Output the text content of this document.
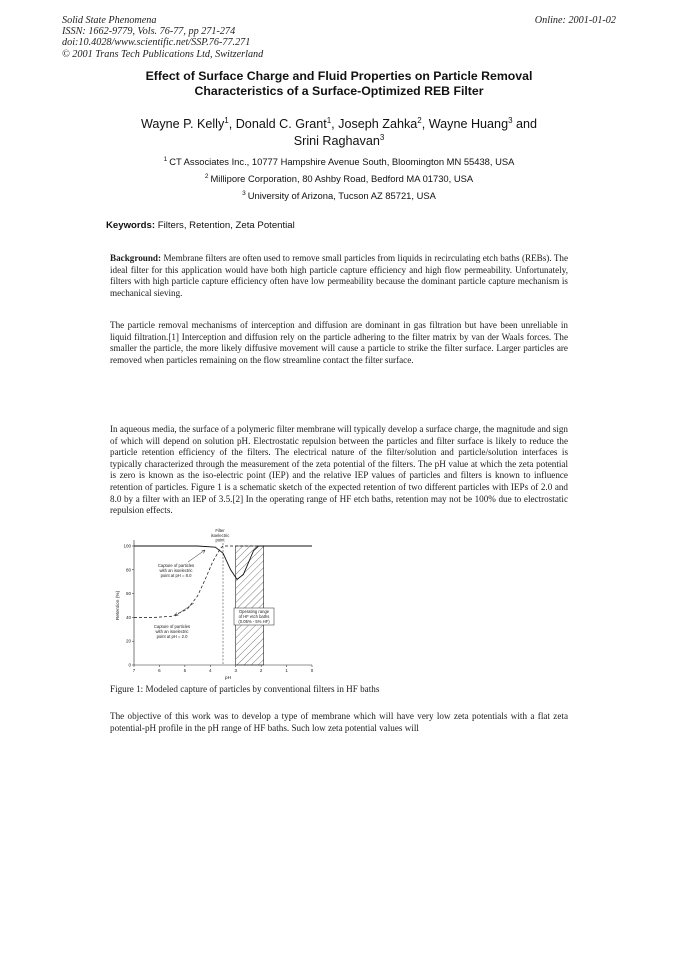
Solid State Phenomena
ISSN: 1662-9779, Vols. 76-77, pp 271-274
doi:10.4028/www.scientific.net/SSP.76-77.271
© 2001 Trans Tech Publications Ltd, Switzerland
Online: 2001-01-02
Effect of Surface Charge and Fluid Properties on Particle Removal
Characteristics of a Surface-Optimized REB Filter
Wayne P. Kelly$^1$, Donald C. Grant$^1$, Joseph Zahka$^2$, Wayne Huang$^3$ and
Srini Raghavan$^3$
$^1$ CT Associates Inc., 10777 Hampshire Avenue South, Bloomington MN 55438, USA
$^2$ Millipore Corporation, 80 Ashby Road, Bedford MA 01730, USA
$^3$ University of Arizona, Tucson AZ 85721, USA
Keywords: Filters, Retention, Zeta Potential
Background: Membrane filters are often used to remove small particles from liquids in recirculating etch baths (REBs). The ideal filter for this application would have both high particle capture efficiency and high flow permeability. Unfortunately, filters with high particle capture efficiency often have low permeability because the dominant particle capture mechanism is mechanical sieving.
The particle removal mechanisms of interception and diffusion are dominant in gas filtration but have been unreliable in liquid filtration.[1] Interception and diffusion rely on the particle adhering to the filter matrix by van der Waals forces. The smaller the particle, the more likely diffusive movement will cause a particle to strike the filter surface. Larger particles are removed when particles remaining on the flow streamline contact the filter surface.
In aqueous media, the surface of a polymeric filter membrane will typically develop a surface charge, the magnitude and sign of which will depend on solution pH. Electrostatic repulsion between the particles and filter surface is likely to reduce the particle retention efficiency of the filters. The electrical nature of the filter/solution and particle/solution interfaces is typically characterized through the measurement of the zeta potential of the filters. The pH value at which the zeta potential is zero is known as the iso-electric point (IEP) and the relative IEP values of particles and filters is known to influence retention of particles. Figure 1 is a schematic sketch of the expected retention of two different particles with IEPs of 2.0 and 8.0 by a filter with an IEP of 3.5.[2] In the operating range of HF etch baths, retention may not be 100% due to electrostatic repulsion effects.
7	6	5	4	3	2	1	0
0
20
40
60
80
100
pH
Retention (%)
Filter
isoelectric
point
Capture of particles
with an isoelectric
point at pH = 8.0
Capture of particles
with an isoelectric
point at pH = 2.0
Operating range
of HF etch baths
(0.05% - 5% HF)
Figure 1: Modeled capture of particles by conventional filters in HF baths
The objective of this work was to develop a type of membrane which will have very low zeta potentials with a flat zeta potential-pH profile in the pH range of HF baths. Such low zeta potential values will
